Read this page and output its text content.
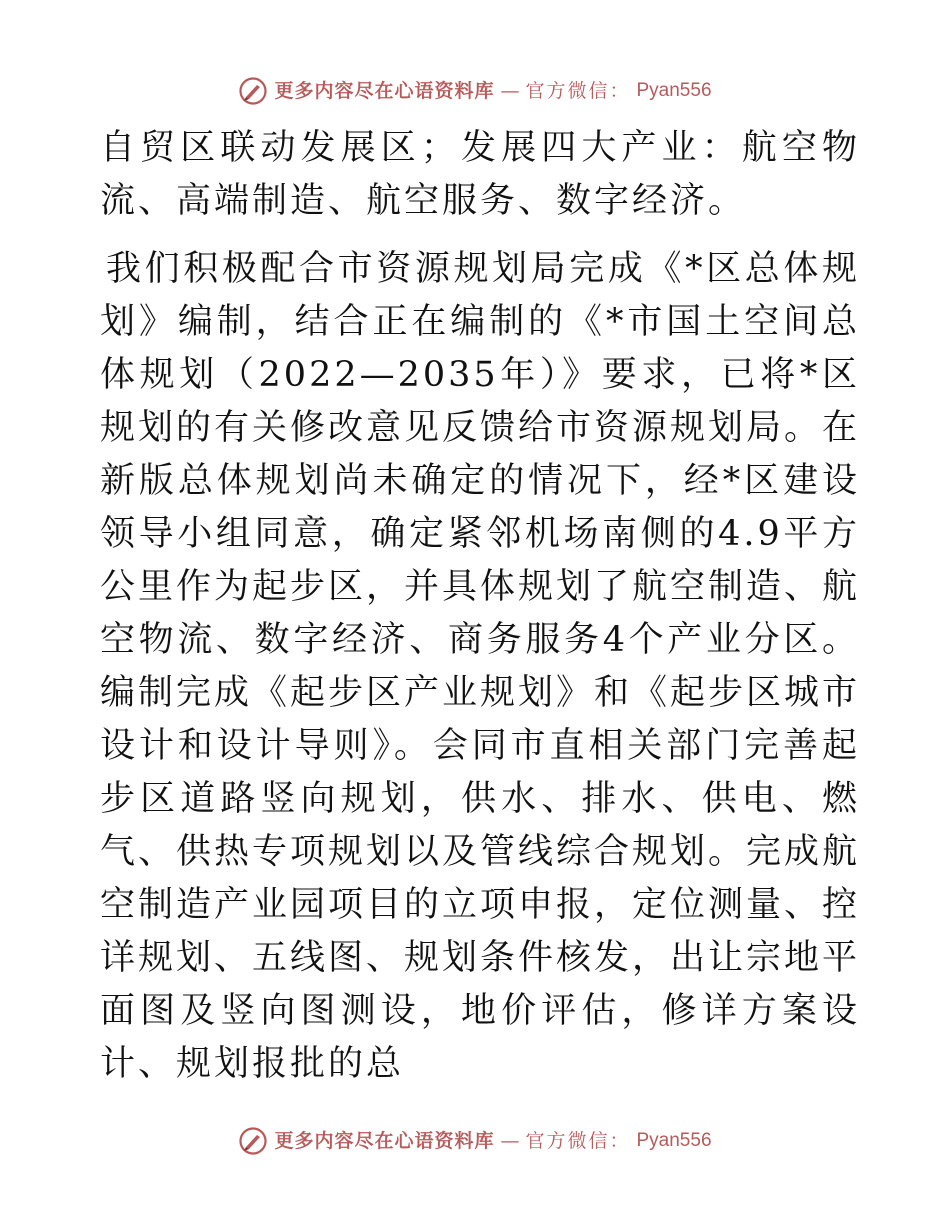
更多内容尽在心语资料库 — 官方微信： Pyan556

自贸区联动发展区；发展四大产业：航空物流、高端制造、航空服务、数字经济。

我们积极配合市资源规划局完成《*区总体规划》编制，结合正在编制的《*市国土空间总体规划（2022—2035年）》要求，已将*区规划的有关修改意见反馈给市资源规划局。在新版总体规划尚未确定的情况下，经*区建设领导小组同意，确定紧邻机场南侧的4.9平方公里作为起步区，并具体规划了航空制造、航空物流、数字经济、商务服务4个产业分区。编制完成《起步区产业规划》和《起步区城市设计和设计导则》。会同市直相关部门完善起步区道路竖向规划，供水、排水、供电、燃气、供热专项规划以及管线综合规划。完成航空制造产业园项目的立项申报，定位测量、控详规划、五线图、规划条件核发，出让宗地平面图及竖向图测设，地价评估，修详方案设计、规划报批的总

更多内容尽在心语资料库 — 官方微信： Pyan556
